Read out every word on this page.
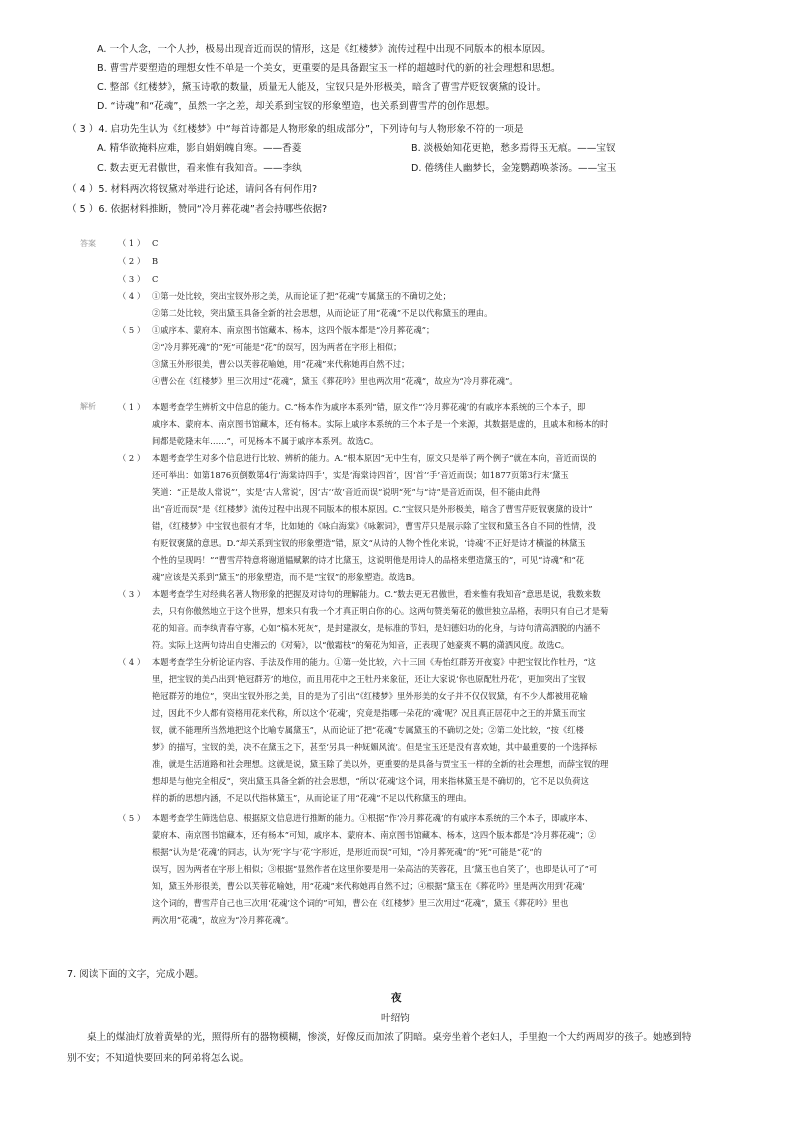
A. 一个人念，一个人抄，极易出现音近而误的情形，这是《红楼梦》流传过程中出现不同版本的根本原因。
B. 曹雪芹要塑造的理想女性不单是一个美女，更重要的是具备跟宝玉一样的超越时代的新的社会理想和思想。
C. 整部《红楼梦》，黛玉诗歌的数量，质量无人能及，宝钗只是外形极美，暗含了曹雪芹贬钗褒黛的设计。
D. “诗魂”和“花魂”，虽然一字之差，却关系到宝钗的形象塑造，也关系到曹雪芹的创作思想。
（ 3 ）4. 启功先生认为《红楼梦》中“每首诗都是人物形象的组成部分”，下列诗句与人物形象不符的一项是
A. 精华欲掩料应难，影自娟娟魄自寒。——香菱	B. 淡极始知花更艳，愁多焉得玉无痕。——宝钗
C. 数去更无君傲世，看来惟有我知音。——李纨	D. 倦绣佳人幽梦长，金笼鹦鹉唤茶汤。——宝玉
（ 4 ）5. 材料两次将钗黛对举进行论述，请问各有何作用?
（ 5 ）6. 依据材料推断，赞同“冷月葬花魂”者会持哪些依据?
答案	（ 1 ） C
（ 2 ） B
（ 3 ） C
（ 4 ） ①第一处比较，突出宝钗外形之美，从而论证了把“花魂”专属黛玉的不确切之处；
②第二处比较，突出黛玉具备全新的社会思想，从而论证了用“花魂”不足以代称黛玉的理由。
（ 5 ） ①戚序本、蒙府本、南京图书馆藏本、杨本，这四个版本都是“冷月葬花魂”；
②“冷月葬死魂”的“死”可能是“花”的误写，因为两者在字形上相似；
③黛玉外形很美，曹公以芙蓉花喻她，用“花魂”来代称她再自然不过；
④曹公在《红楼梦》里三次用过“花魂”，黛玉《葬花吟》里也两次用“花魂”，故应为“冷月葬花魂”。
解析	（ 1 ） 本题考查学生辨析文中信息的能力。C.“杨本作为戚序本系列”错，原文作“‘冷月葬花魂’的有戚序本系统的三个本子，即
戚序本、蒙府本、南京图书馆藏本，还有杨本。实际上戚序本系统的三个本子是一个来源，其数据是虚的，且戚本和杨本的时
间都是乾隆末年……”，可见杨本不属于戚序本系列。故选C。
（ 2 ） 本题考查学生对多个信息进行比较、辨析的能力。A.“根本原因”无中生有，原文只是举了两个例子“就在本向，音近而误的
还可举出：如第1876页倒数第4行‘海棠诗四手’，实是‘海棠诗四首’，因‘首’‘手’音近而误；如1877页第3行末‘黛玉
笑道：“正是故人常说”’，实是‘古人常说’，因‘古’‘故’音近而误”说明“死”与“诗”是音近而误，但不能由此得
出“音近而误”是《红楼梦》流传过程中出现不同版本的根本原因。C.“宝钗只是外形极美，暗含了曹雪芹贬钗褒黛的设计”
错，《红楼梦》中宝钗也很有才华，比如她的《咏白海棠》《咏絮词》，曹雪芹只是展示除了宝钗和黛玉各自不同的性情，没
有贬钗褒黛的意思。D.“却关系到宝钗的形象塑造”错，原文“从诗的人物个性化来说，‘诗魂’不正好是诗才横溢的林黛玉
个性的呈现吗！”“曹雪芹特意将谢道韫赋絮的诗才比黛玉，这说明他是用诗人的品格来塑造黛玉的”，可见“诗魂”和“花
魂”应该是关系到“黛玉”的形象塑造，而不是“宝钗”的形象塑造。故选B。
（ 3 ） 本题考查学生对经典名著人物形象的把握及对诗句的理解能力。C.“数去更无君傲世，看来惟有我知音”意思是说，我数来数
去，只有你傲然地立于这个世界，想来只有我一个才真正明白你的心。这两句赞美菊花的傲世独立品格，表明只有自己才是菊
花的知音。而李纨青春守寡，心如“槁木死灰”，是封建淑女，是标准的节妇，是妇德妇功的化身，与诗句清高洒脱的内涵不
符。实际上这两句诗出自史湘云的《对菊》，以“傲霜枝”的菊花为知音，正表现了她豪爽不羁的潇洒风度。故选C。
（ 4 ） 本题考查学生分析论证内容、手法及作用的能力。①第一处比较，六十三回《寿怡红群芳开夜宴》中把宝钗比作牡丹，“这
里，把宝钗的美凸出到‘艳冠群芳’的地位，而且用花中之王牡丹来象征，还让大家说‘你也原配牡丹花’，更加突出了宝钗
艳冠群芳的地位”，突出宝钗外形之美，目的是为了引出“《红楼梦》里外形美的女子并不仅仅钗黛，有不少人都被用花喻
过，因此不少人都有资格用花来代称，所以这个‘花魂’，究竟是指哪一朵花的‘魂’呢？况且真正居花中之王的并黛玉而宝
钗，就不能理所当然地把这个比喻专属黛玉”，从而论证了把“花魂”专属黛玉的不确切之处；②第二处比较，“按《红楼
梦》的描写，宝钗的美，决不在黛玉之下，甚至‘另具一种妩媚风流’。但是宝玉还是没有喜欢她，其中最重要的一个选择标
准，就是生活道路和社会理想。这就是说，黛玉除了美以外，更重要的是具备与贾宝玉一样的全新的社会理想，而薛宝钗的理
想却是与他完全相反”，突出黛玉具备全新的社会思想，“所以‘花魂’这个词，用来指林黛玉是不确切的，它不足以负荷这
样的新的思想内涵，不足以代指林黛玉”，从而论证了用“花魂”不足以代称黛玉的理由。
（ 5 ） 本题考查学生筛选信息、根据原文信息进行推断的能力。①根据“作‘冷月葬花魂’的有戚序本系统的三个本子，即戚序本、
蒙府本、南京图书馆藏本，还有杨本”可知，戚序本、蒙府本、南京图书馆藏本、杨本，这四个版本都是“冷月葬花魂”；②
根据“认为是‘花魂’的同志，认为‘死’字与‘花’字形近，是形近而误”可知，“冷月葬死魂”的“死”可能是“花”的
误写，因为两者在字形上相似；③根据“显然作者在这里你要是用一朵高洁的芙蓉花，且‘黛玉也自笑了’，也即是认可了”可
知，黛玉外形很美，曹公以芙蓉花喻她，用“花魂”来代称她再自然不过；④根据“黛玉在《葬花吟》里是两次用到‘花魂’
这个词的，曹雪芹自己也三次用‘花魂’这个词的”可知，曹公在《红楼梦》里三次用过“花魂”，黛玉《葬花吟》里也
两次用“花魂”，故应为“冷月葬花魂”。
7. 阅读下面的文字，完成小题。
夜
叶绍钧
桌上的煤油灯放着黄晕的光，照得所有的器物模糊，惨淡，好像反而加浓了阴暗。桌旁坐着个老妇人，手里抱一个大约两周岁的孩子。她感到特
别不安；不知道快要回来的阿弟将怎么说。
